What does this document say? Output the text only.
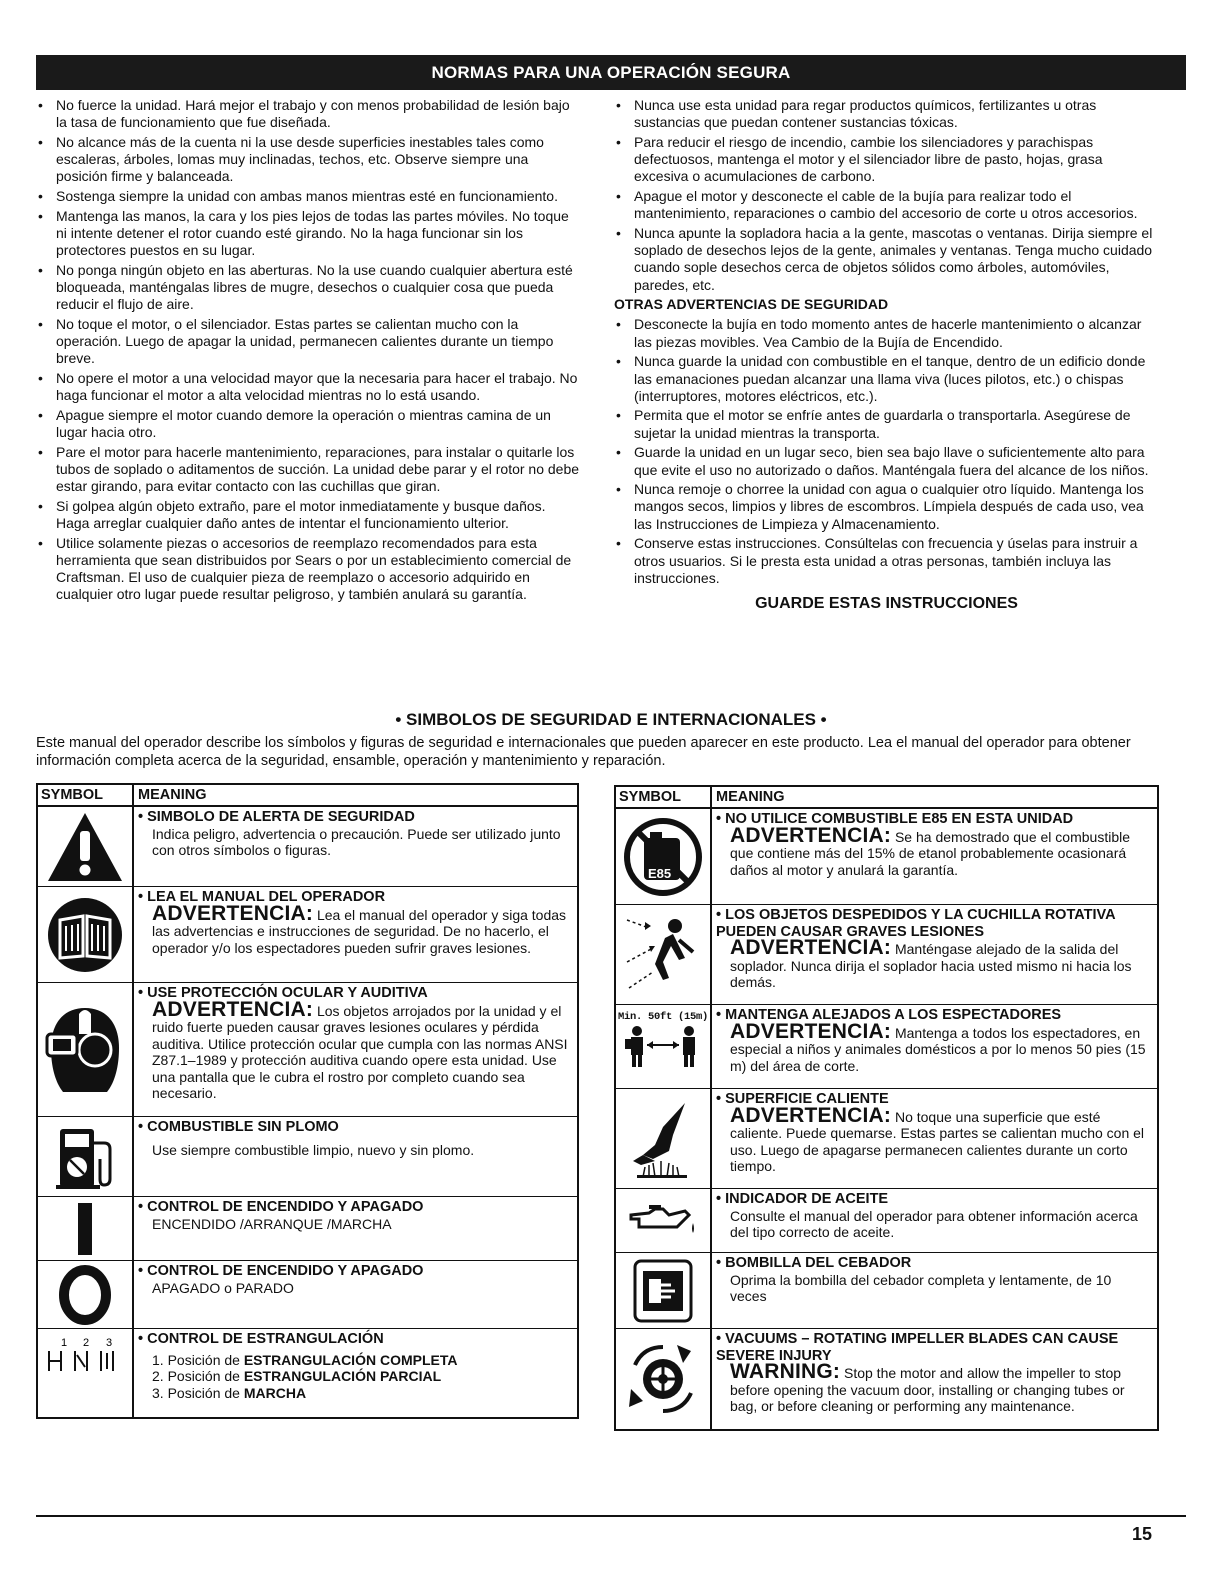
NORMAS PARA UNA OPERACIÓN SEGURA
• No fuerce la unidad. Hará mejor el trabajo y con menos probabilidad de lesión bajo la tasa de funcionamiento que fue diseñada.
• No alcance más de la cuenta ni la use desde superficies inestables tales como escaleras, árboles, lomas muy inclinadas, techos, etc. Observe siempre una posición firme y balanceada.
• Sostenga siempre la unidad con ambas manos mientras esté en funcionamiento.
• Mantenga las manos, la cara y los pies lejos de todas las partes móviles. No toque ni intente detener el rotor cuando esté girando. No la haga funcionar sin los protectores puestos en su lugar.
• No ponga ningún objeto en las aberturas. No la use cuando cualquier abertura esté bloqueada, manténgalas libres de mugre, desechos o cualquier cosa que pueda reducir el flujo de aire.
• No toque el motor, o el silenciador. Estas partes se calientan mucho con la operación. Luego de apagar la unidad, permanecen calientes durante un tiempo breve.
• No opere el motor a una velocidad mayor que la necesaria para hacer el trabajo. No haga funcionar el motor a alta velocidad mientras no lo está usando.
• Apague siempre el motor cuando demore la operación o mientras camina de un lugar hacia otro.
• Pare el motor para hacerle mantenimiento, reparaciones, para instalar o quitarle los tubos de soplado o aditamentos de succión. La unidad debe parar y el rotor no debe estar girando, para evitar contacto con las cuchillas que giran.
• Si golpea algún objeto extraño, pare el motor inmediatamente y busque daños. Haga arreglar cualquier daño antes de intentar el funcionamiento ulterior.
• Utilice solamente piezas o accesorios de reemplazo recomendados para esta herramienta que sean distribuidos por Sears o por un establecimiento comercial de Craftsman. El uso de cualquier pieza de reemplazo o accesorio adquirido en cualquier otro lugar puede resultar peligroso, y también anulará su garantía.
• Nunca use esta unidad para regar productos químicos, fertilizantes u otras sustancias que puedan contener sustancias tóxicas.
• Para reducir el riesgo de incendio, cambie los silenciadores y parachispas defectuosos, mantenga el motor y el silenciador libre de pasto, hojas, grasa excesiva o acumulaciones de carbono.
• Apague el motor y desconecte el cable de la bujía para realizar todo el mantenimiento, reparaciones o cambio del accesorio de corte u otros accesorios.
• Nunca apunte la sopladora hacia a la gente, mascotas o ventanas. Dirija siempre el soplado de desechos lejos de la gente, animales y ventanas. Tenga mucho cuidado cuando sople desechos cerca de objetos sólidos como árboles, automóviles, paredes, etc.
OTRAS ADVERTENCIAS DE SEGURIDAD
• Desconecte la bujía en todo momento antes de hacerle mantenimiento o alcanzar las piezas movibles. Vea Cambio de la Bujía de Encendido.
• Nunca guarde la unidad con combustible en el tanque, dentro de un edificio donde las emanaciones puedan alcanzar una llama viva (luces pilotos, etc.) o chispas (interruptores, motores eléctricos, etc.).
• Permita que el motor se enfríe antes de guardarla o transportarla. Asegúrese de sujetar la unidad mientras la transporta.
• Guarde la unidad en un lugar seco, bien sea bajo llave o suficientemente alto para que evite el uso no autorizado o daños. Manténgala fuera del alcance de los niños.
• Nunca remoje o chorree la unidad con agua o cualquier otro líquido. Mantenga los mangos secos, limpios y libres de escombros. Límpiela después de cada uso, vea las Instrucciones de Limpieza y Almacenamiento.
• Conserve estas instrucciones. Consúltelas con frecuencia y úselas para instruir a otros usuarios. Si le presta esta unidad a otras personas, también incluya las instrucciones.
GUARDE ESTAS INSTRUCCIONES
• SIMBOLOS DE SEGURIDAD E INTERNACIONALES •
Este manual del operador describe los símbolos y figuras de seguridad e internacionales que pueden aparecer en este producto. Lea el manual del operador para obtener información completa acerca de la seguridad, ensamble, operación y mantenimiento y reparación.
SYMBOL	MEANING
• SIMBOLO DE ALERTA DE SEGURIDAD
Indica peligro, advertencia o precaución. Puede ser utilizado junto con otros símbolos o figuras.
• LEA EL MANUAL DEL OPERADOR
ADVERTENCIA: Lea el manual del operador y siga todas las advertencias e instrucciones de seguridad. De no hacerlo, el operador y/o los espectadores pueden sufrir graves lesiones.
• USE PROTECCIÓN OCULAR Y AUDITIVA
ADVERTENCIA: Los objetos arrojados por la unidad y el ruido fuerte pueden causar graves lesiones oculares y pérdida auditiva. Utilice protección ocular que cumpla con las normas ANSI Z87.1–1989 y protección auditiva cuando opere esta unidad. Use una pantalla que le cubra el rostro por completo cuando sea necesario.
• COMBUSTIBLE SIN PLOMO
Use siempre combustible limpio, nuevo y sin plomo.
• CONTROL DE ENCENDIDO Y APAGADO
ENCENDIDO /ARRANQUE /MARCHA
• CONTROL DE ENCENDIDO Y APAGADO
APAGADO o PARADO
1 2 3	• CONTROL DE ESTRANGULACIÓN
1. Posición de ESTRANGULACIÓN COMPLETA
2. Posición de ESTRANGULACIÓN PARCIAL
3. Posición de MARCHA
SYMBOL	MEANING
E85
• NO UTILICE COMBUSTIBLE E85 EN ESTA UNIDAD
ADVERTENCIA: Se ha demostrado que el combustible que contiene más del 15% de etanol probablemente ocasionará daños al motor y anulará la garantía.
• LOS OBJETOS DESPEDIDOS Y LA CUCHILLA ROTATIVA PUEDEN CAUSAR GRAVES LESIONES
ADVERTENCIA: Manténgase alejado de la salida del soplador. Nunca dirija el soplador hacia usted mismo ni hacia los demás.
Min. 50ft (15m)	• MANTENGA ALEJADOS A LOS ESPECTADORES
ADVERTENCIA: Mantenga a todos los espectadores, en especial a niños y animales domésticos a por lo menos 50 pies (15 m) del área de corte.
• SUPERFICIE CALIENTE
ADVERTENCIA: No toque una superficie que esté caliente. Puede quemarse. Estas partes se calientan mucho con el uso. Luego de apagarse permanecen calientes durante un corto tiempo.
• INDICADOR DE ACEITE
Consulte el manual del operador para obtener información acerca del tipo correcto de aceite.
• BOMBILLA DEL CEBADOR
Oprima la bombilla del cebador completa y lentamente, de 10 veces
• VACUUMS – ROTATING IMPELLER BLADES CAN CAUSE SEVERE INJURY
WARNING: Stop the motor and allow the impeller to stop before opening the vacuum door, installing or changing tubes or bag, or before cleaning or performing any maintenance.
15
